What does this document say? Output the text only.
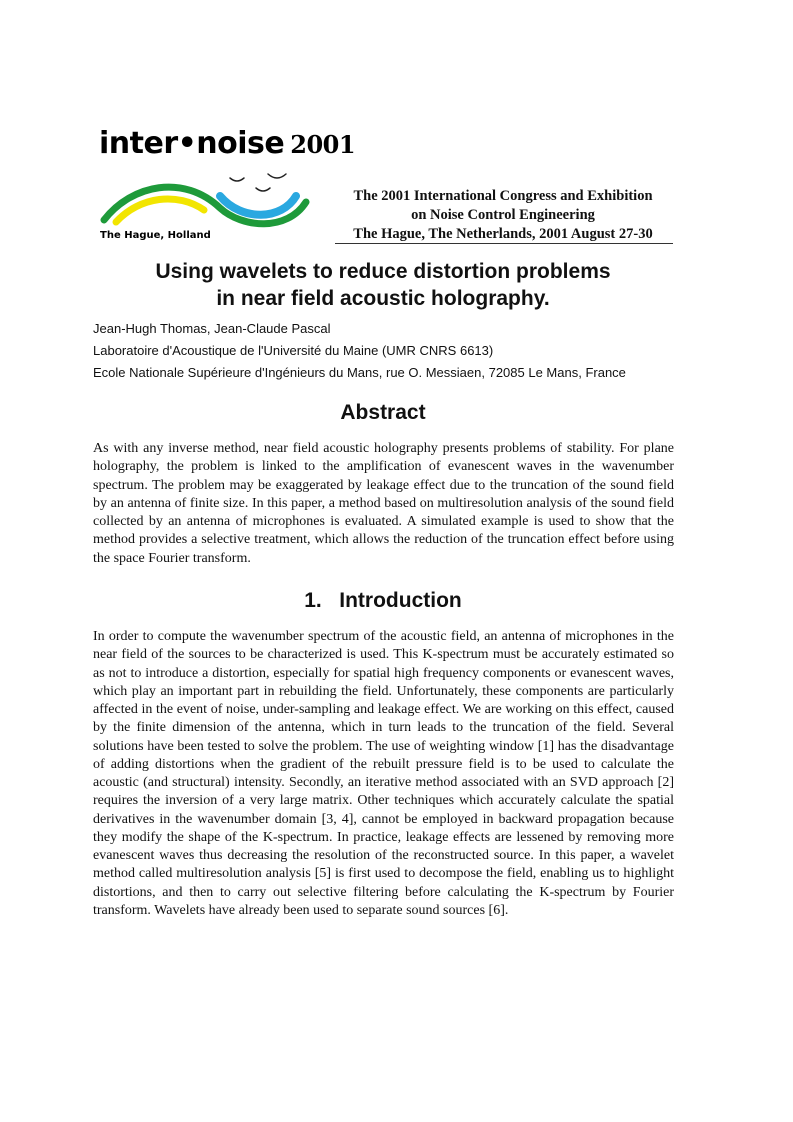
inter•noise 2001
The Hague, Holland
The 2001 International Congress and Exhibition
on Noise Control Engineering
The Hague, The Netherlands, 2001 August 27-30
Using wavelets to reduce distortion problems
in near field acoustic holography.
Jean-Hugh Thomas, Jean-Claude Pascal
Laboratoire d'Acoustique de l'Université du Maine (UMR CNRS 6613)
Ecole Nationale Supérieure d'Ingénieurs du Mans, rue O. Messiaen, 72085 Le Mans, France
Abstract

As with any inverse method, near field acoustic holography presents problems of stability. For plane holography, the problem is linked to the amplification of evanescent waves in the wavenumber spectrum. The problem may be exaggerated by leakage effect due to the truncation of the sound field by an antenna of finite size. In this paper, a method based on multiresolution analysis of the sound field collected by an antenna of microphones is evaluated. A simulated example is used to show that the method provides a selective treatment, which allows the reduction of the truncation effect before using the space Fourier transform.

1.   Introduction

In order to compute the wavenumber spectrum of the acoustic field, an antenna of microphones in the near field of the sources to be characterized is used. This K-spectrum must be accurately estimated so as not to introduce a distortion, especially for spatial high frequency components or evanescent waves, which play an important part in rebuilding the field. Unfortunately, these components are particularly affected in the event of noise, under-sampling and leakage effect. We are working on this effect, caused by the finite dimension of the antenna, which in turn leads to the truncation of the field. Several solutions have been tested to solve the problem. The use of weighting window [1] has the disadvantage of adding distortions when the gradient of the rebuilt pressure field is to be used to calculate the acoustic (and structural) intensity. Secondly, an iterative method associated with an SVD approach [2] requires the inversion of a very large matrix. Other techniques which accurately calculate the spatial derivatives in the wavenumber domain [3, 4], cannot be employed in backward propagation because they modify the shape of the K-spectrum. In practice, leakage effects are lessened by removing more evanescent waves thus decreasing the resolution of the reconstructed source. In this paper, a wavelet method called multiresolution analysis [5] is first used to decompose the field, enabling us to highlight distortions, and then to carry out selective filtering before calculating the K-spectrum by Fourier transform. Wavelets have already been used to separate sound sources [6].
